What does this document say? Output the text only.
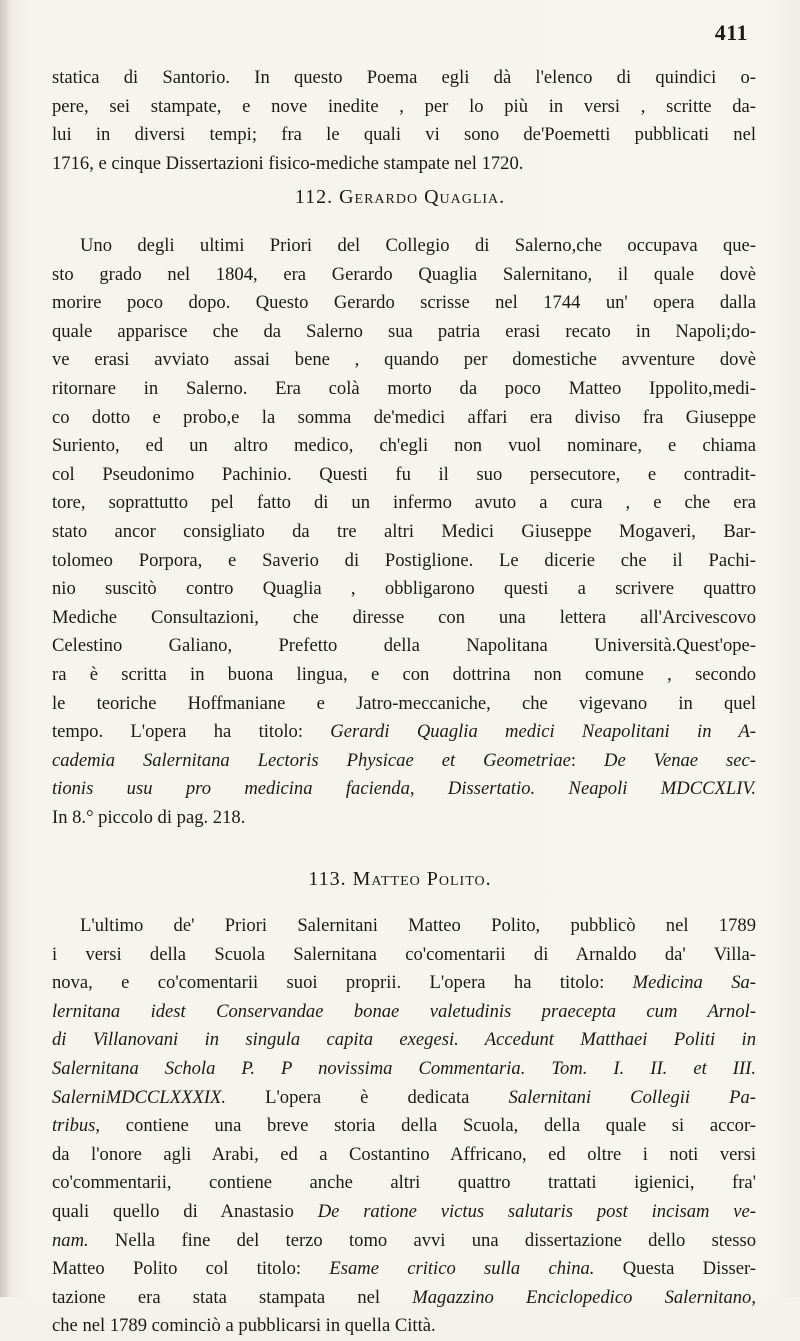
411
statica di Santorio. In questo Poema egli dà l'elenco di quindici o-
pere, sei stampate, e nove inedite , per lo più in versi , scritte da-
lui in diversi tempi; fra le quali vi sono de'Poemetti pubblicati nel
1716, e cinque Dissertazioni fisico-mediche stampate nel 1720.
112. Gerardo Quaglia.
Uno degli ultimi Priori del Collegio di Salerno,che occupava que-
sto grado nel 1804, era Gerardo Quaglia Salernitano, il quale dovè
morire poco dopo. Questo Gerardo scrisse nel 1744 un' opera dalla
quale apparisce che da Salerno sua patria erasi recato in Napoli;do-
ve erasi avviato assai bene , quando per domestiche avventure dovè
ritornare in Salerno. Era colà morto da poco Matteo Ippolito,medi-
co dotto e probo,e la somma de'medici affari era diviso fra Giuseppe
Suriento, ed un altro medico, ch'egli non vuol nominare, e chiama
col Pseudonimo Pachinio. Questi fu il suo persecutore, e contradit-
tore, soprattutto pel fatto di un infermo avuto a cura , e che era
stato ancor consigliato da tre altri Medici Giuseppe Mogaveri, Bar-
tolomeo Porpora, e Saverio di Postiglione. Le dicerie che il Pachi-
nio suscitò contro Quaglia , obbligarono questi a scrivere quattro
Mediche Consultazioni, che diresse con una lettera all'Arcivescovo
Celestino Galiano, Prefetto della Napolitana Università.Quest'ope-
ra è scritta in buona lingua, e con dottrina non comune , secondo
le teoriche Hoffmaniane e Jatro-meccaniche, che vigevano in quel
tempo. L'opera ha titolo: Gerardi Quaglia medici Neapolitani in A-
cademia Salernitana Lectoris Physicae et Geometriae: De Venae sec-
tionis usu pro medicina facienda, Dissertatio. Neapoli MDCCXLIV.
In 8.° piccolo di pag. 218.
113. Matteo Polito.
L'ultimo de' Priori Salernitani Matteo Polito, pubblicò nel 1789
i versi della Scuola Salernitana co'comentarii di Arnaldo da' Villa-
nova, e co'comentarii suoi proprii. L'opera ha titolo: Medicina Sa-
lernitana idest Conservandae bonae valetudinis praecepta cum Arnol-
di Villanovani in singula capita exegesi. Accedunt Matthaei Politi in
Salernitana Schola P. P novissima Commentaria. Tom. I. II. et III.
SalerniMDCCLXXXIX. L'opera è dedicata Salernitani Collegii Pa-
tribus, contiene una breve storia della Scuola, della quale si accor-
da l'onore agli Arabi, ed a Costantino Affricano, ed oltre i noti versi
co'commentarii, contiene anche altri quattro trattati igienici, fra'
quali quello di Anastasio De ratione victus salutaris post incisam ve-
nam. Nella fine del terzo tomo avvi una dissertazione dello stesso
Matteo Polito col titolo: Esame critico sulla china. Questa Disser-
tazione era stata stampata nel Magazzino Enciclopedico Salernitano,
che nel 1789 cominciò a pubblicarsi in quella Città.
